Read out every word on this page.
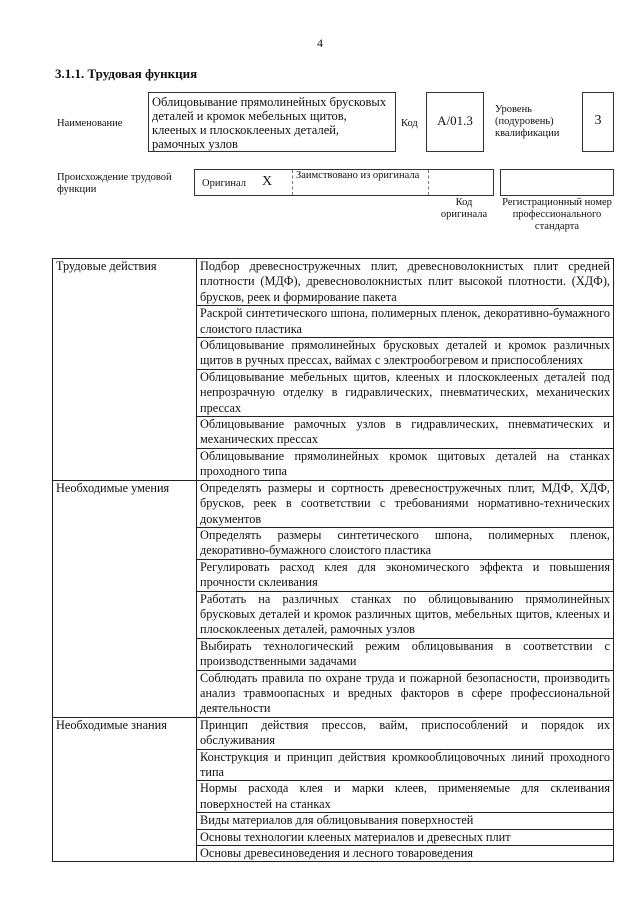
4
3.1.1. Трудовая функция
Наименование
Облицовывание прямолинейных брусковых деталей и кромок мебельных щитов, клееных и плоскоклееных деталей, рамочных узлов
Код	А/01.3
Уровень (подуровень) квалификации
3
Происхождение трудовой функции
Оригинал X Заимствовано из оригинала
Код оригинала
Регистрационный номер профессионального стандарта
Трудовые действия	Подбор древесностружечных плит, древесноволокнистых плит средней плотности (МДФ), древесноволокнистых плит высокой плотности. (ХДФ), брусков, реек и формирование пакета
	Раскрой синтетического шпона, полимерных пленок, декоративно-бумажного слоистого пластика
	Облицовывание прямолинейных брусковых деталей и кромок различных щитов в ручных прессах, ваймах с электрообогревом и приспособлениях
	Облицовывание мебельных щитов, клееных и плоскоклееных деталей под непрозрачную отделку в гидравлических, пневматических, механических прессах
	Облицовывание рамочных узлов в гидравлических, пневматических и механических прессах
	Облицовывание прямолинейных кромок щитовых деталей на станках проходного типа
Необходимые умения	Определять размеры и сортность древесностружечных плит, МДФ, ХДФ, брусков, реек в соответствии с требованиями нормативно-технических документов
	Определять размеры синтетического шпона, полимерных пленок, декоративно-бумажного слоистого пластика
	Регулировать расход клея для экономического эффекта и повышения прочности склеивания
	Работать на различных станках по облицовыванию прямолинейных брусковых деталей и кромок различных щитов, мебельных щитов, клееных и плоскоклееных деталей, рамочных узлов
	Выбирать технологический режим облицовывания в соответствии с производственными задачами
	Соблюдать правила по охране труда и пожарной безопасности, производить анализ травмоопасных и вредных факторов в сфере профессиональной деятельности
Необходимые знания	Принцип действия прессов, вайм, приспособлений и порядок их обслуживания
	Конструкция и принцип действия кромкооблицовочных линий проходного типа
	Нормы расхода клея и марки клеев, применяемые для склеивания поверхностей на станках
	Виды материалов для облицовывания поверхностей
	Основы технологии клееных материалов и древесных плит
	Основы древесиноведения и лесного товароведения
